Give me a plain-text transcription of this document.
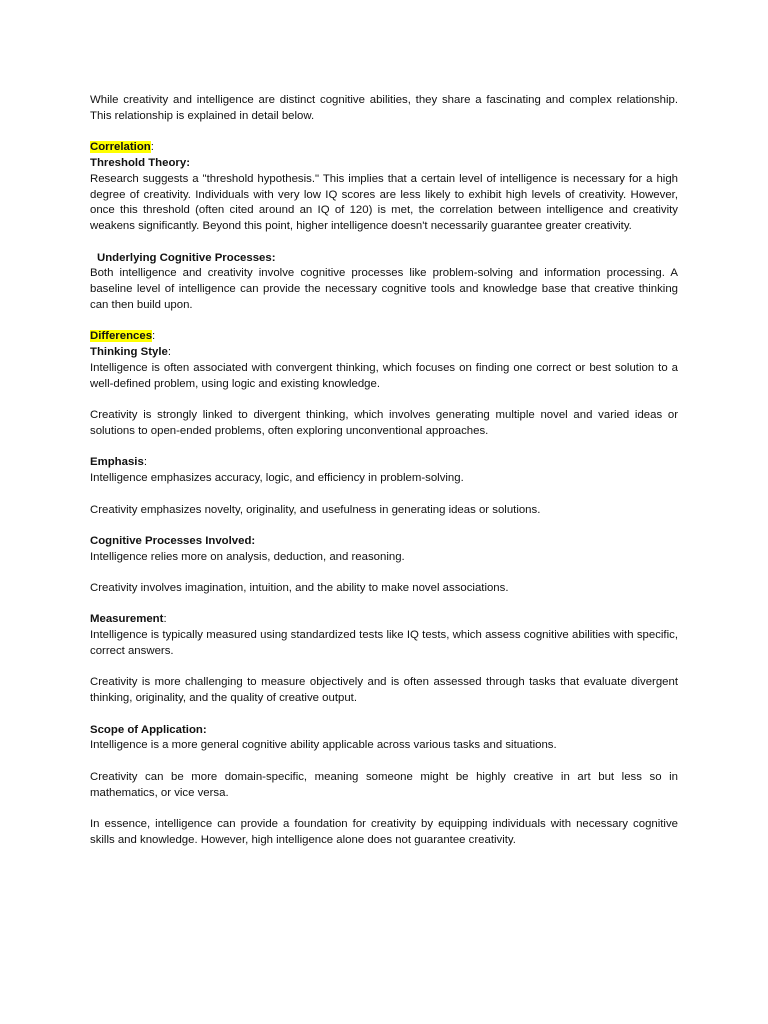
While creativity and intelligence are distinct cognitive abilities, they share a fascinating and complex relationship. This relationship is explained in detail below.

Correlation:

Threshold Theory:

Research suggests a "threshold hypothesis." This implies that a certain level of intelligence is necessary for a high degree of creativity. Individuals with very low IQ scores are less likely to exhibit high levels of creativity. However, once this threshold (often cited around an IQ of 120) is met, the correlation between intelligence and creativity weakens significantly. Beyond this point, higher intelligence doesn't necessarily guarantee greater creativity.

Underlying Cognitive Processes:

Both intelligence and creativity involve cognitive processes like problem-solving and information processing. A baseline level of intelligence can provide the necessary cognitive tools and knowledge base that creative thinking can then build upon.

Differences:

Thinking Style:

Intelligence is often associated with convergent thinking, which focuses on finding one correct or best solution to a well-defined problem, using logic and existing knowledge.

Creativity is strongly linked to divergent thinking, which involves generating multiple novel and varied ideas or solutions to open-ended problems, often exploring unconventional approaches.

Emphasis:

Intelligence emphasizes accuracy, logic, and efficiency in problem-solving.

Creativity emphasizes novelty, originality, and usefulness in generating ideas or solutions.

Cognitive Processes Involved:

Intelligence relies more on analysis, deduction, and reasoning.

Creativity involves imagination, intuition, and the ability to make novel associations.

Measurement:

Intelligence is typically measured using standardized tests like IQ tests, which assess cognitive abilities with specific, correct answers.

Creativity is more challenging to measure objectively and is often assessed through tasks that evaluate divergent thinking, originality, and the quality of creative output.

Scope of Application:

Intelligence is a more general cognitive ability applicable across various tasks and situations.

Creativity can be more domain-specific, meaning someone might be highly creative in art but less so in mathematics, or vice versa.

In essence, intelligence can provide a foundation for creativity by equipping individuals with necessary cognitive skills and knowledge. However, high intelligence alone does not guarantee creativity.
